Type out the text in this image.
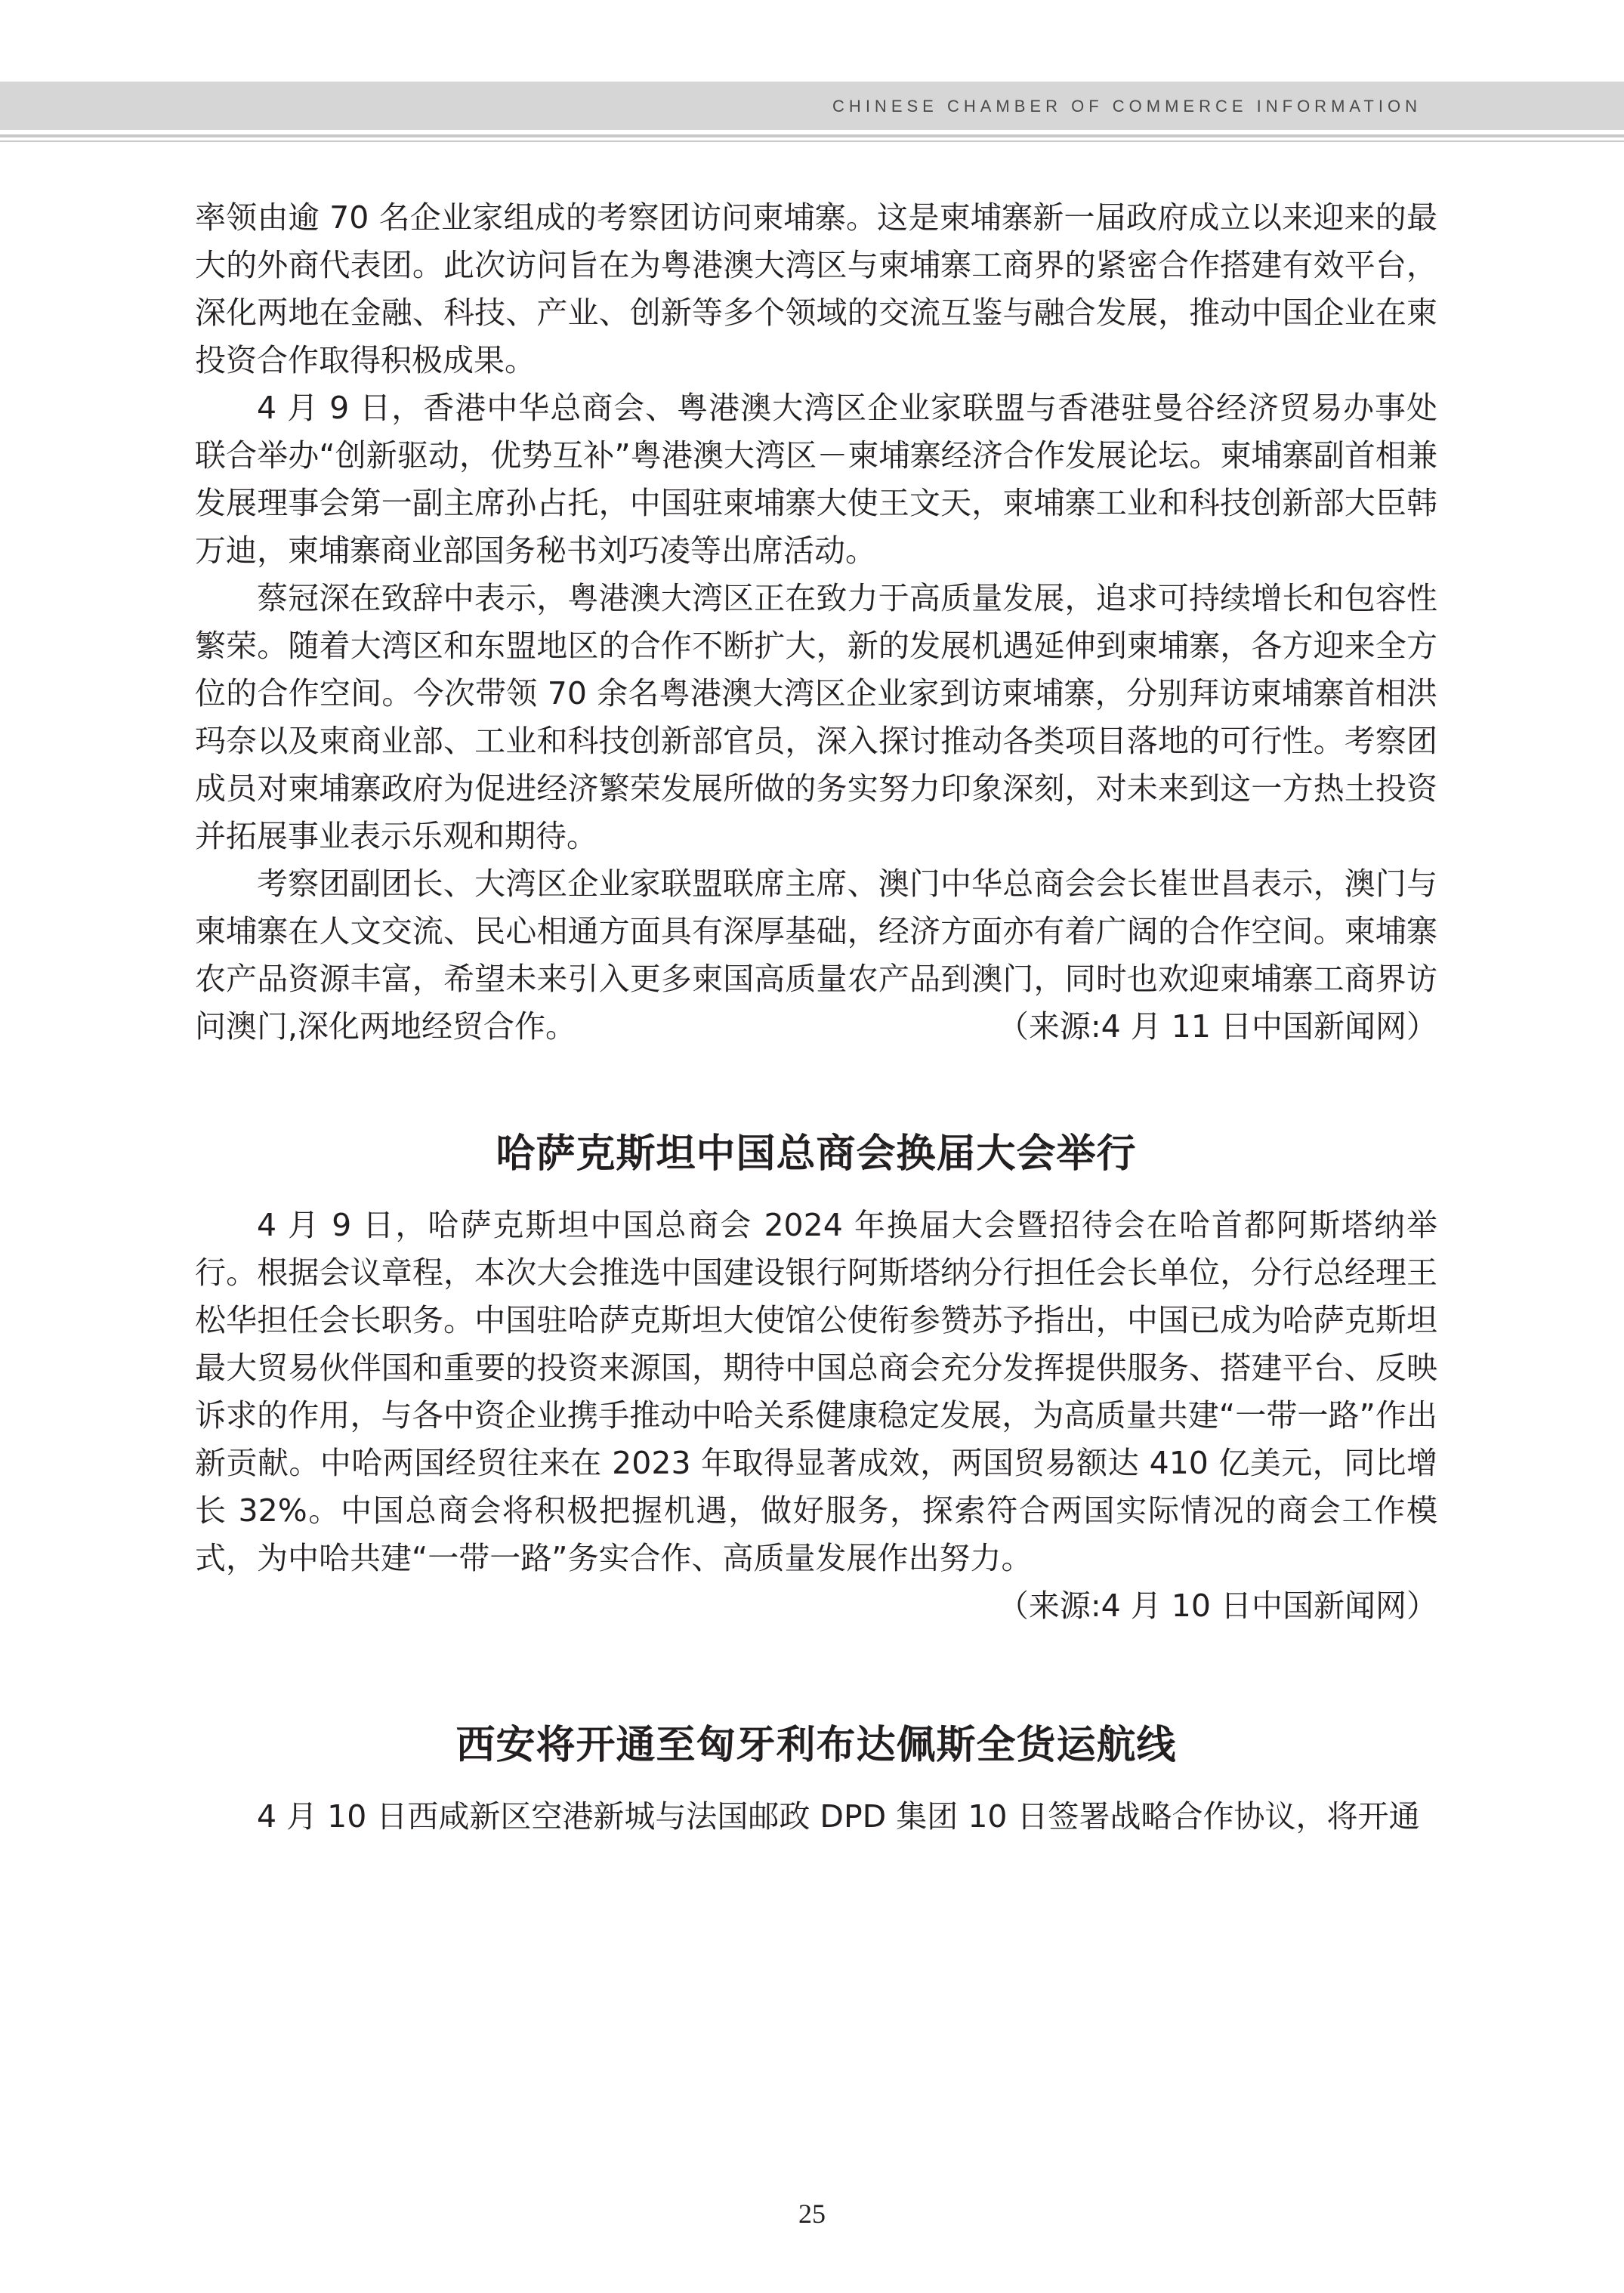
CHINESE CHAMBER OF COMMERCE INFORMATION

率领由逾 70 名企业家组成的考察团访问柬埔寨。这是柬埔寨新一届政府成立以来迎来的最大的外商代表团。此次访问旨在为粤港澳大湾区与柬埔寨工商界的紧密合作搭建有效平台，深化两地在金融、科技、产业、创新等多个领域的交流互鉴与融合发展，推动中国企业在柬投资合作取得积极成果。

4 月 9 日，香港中华总商会、粤港澳大湾区企业家联盟与香港驻曼谷经济贸易办事处联合举办“创新驱动，优势互补”粤港澳大湾区－柬埔寨经济合作发展论坛。柬埔寨副首相兼发展理事会第一副主席孙占托，中国驻柬埔寨大使王文天，柬埔寨工业和科技创新部大臣韩万迪，柬埔寨商业部国务秘书刘巧凌等出席活动。

蔡冠深在致辞中表示，粤港澳大湾区正在致力于高质量发展，追求可持续增长和包容性繁荣。随着大湾区和东盟地区的合作不断扩大，新的发展机遇延伸到柬埔寨，各方迎来全方位的合作空间。今次带领 70 余名粤港澳大湾区企业家到访柬埔寨，分别拜访柬埔寨首相洪玛奈以及柬商业部、工业和科技创新部官员，深入探讨推动各类项目落地的可行性。考察团成员对柬埔寨政府为促进经济繁荣发展所做的务实努力印象深刻，对未来到这一方热土投资并拓展事业表示乐观和期待。

考察团副团长、大湾区企业家联盟联席主席、澳门中华总商会会长崔世昌表示，澳门与柬埔寨在人文交流、民心相通方面具有深厚基础，经济方面亦有着广阔的合作空间。柬埔寨农产品资源丰富，希望未来引入更多柬国高质量农产品到澳门，同时也欢迎柬埔寨工商界访问澳门,深化两地经贸合作。	（来源:4 月 11 日中国新闻网）

哈萨克斯坦中国总商会换届大会举行

4 月 9 日，哈萨克斯坦中国总商会 2024 年换届大会暨招待会在哈首都阿斯塔纳举行。根据会议章程，本次大会推选中国建设银行阿斯塔纳分行担任会长单位，分行总经理王松华担任会长职务。中国驻哈萨克斯坦大使馆公使衔参赞苏予指出，中国已成为哈萨克斯坦最大贸易伙伴国和重要的投资来源国，期待中国总商会充分发挥提供服务、搭建平台、反映诉求的作用，与各中资企业携手推动中哈关系健康稳定发展，为高质量共建“一带一路”作出新贡献。中哈两国经贸往来在 2023 年取得显著成效，两国贸易额达 410 亿美元，同比增长 32%。中国总商会将积极把握机遇，做好服务，探索符合两国实际情况的商会工作模式，为中哈共建“一带一路”务实合作、高质量发展作出努力。
（来源:4 月 10 日中国新闻网）

西安将开通至匈牙利布达佩斯全货运航线

4 月 10 日西咸新区空港新城与法国邮政 DPD 集团 10 日签署战略合作协议，将开通

25
